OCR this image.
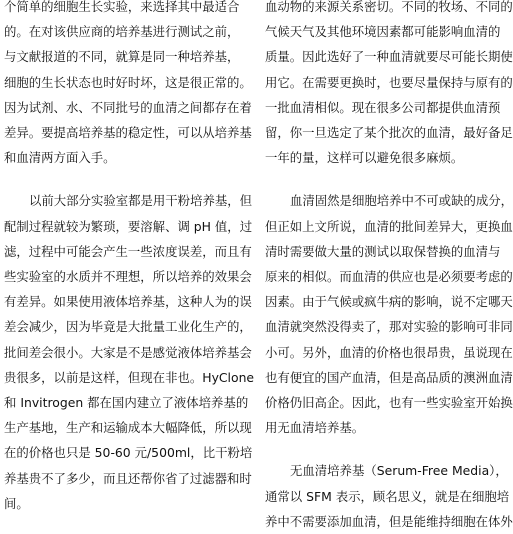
个简单的细胞生长实验，来选择其中最适合
的。在对该供应商的培养基进行测试之前，
与文献报道的不同，就算是同一种培养基，
细胞的生长状态也时好时坏，这是很正常的。
因为试剂、水、不同批号的血清之间都存在着
差异。要提高培养基的稳定性，可以从培养基
和血清两方面入手。

以前大部分实验室都是用干粉培养基，但
配制过程就较为繁琐，要溶解、调 pH 值，过
滤，过程中可能会产生一些浓度误差，而且有
些实验室的水质并不理想，所以培养的效果会
有差异。如果使用液体培养基，这种人为的误
差会减少，因为毕竟是大批量工业化生产的，
批间差会很小。大家是不是感觉液体培养基会
贵很多，以前是这样，但现在非也。HyClone
和 Invitrogen 都在国内建立了液体培养基的
生产基地，生产和运输成本大幅降低，所以现
在的价格也只是 50-60 元/500ml，比干粉培
养基贵不了多少，而且还帮你省了过滤器和时
间。

血动物的来源关系密切。不同的牧场、不同的
气候天气及其他环境因素都可能影响血清的
质量。因此选好了一种血清就要尽可能长期使
用它。在需要更换时，也要尽量保持与原有的
一批血清相似。现在很多公司都提供血清预
留，你一旦选定了某个批次的血清，最好备足
一年的量，这样可以避免很多麻烦。

血清固然是细胞培养中不可或缺的成分，
但正如上文所说，血清的批间差异大，更换血
清时需要做大量的测试以取保替换的血清与
原来的相似。而血清的供应也是必须要考虑的
因素。由于气候或疯牛病的影响，说不定哪天
血清就突然没得卖了，那对实验的影响可非同
小可。另外，血清的价格也很昂贵，虽说现在
也有便宜的国产血清，但是高品质的澳洲血清
价格仍旧高企。因此，也有一些实验室开始换
用无血清培养基。

无血清培养基（Serum-Free Media），
通常以 SFM 表示，顾名思义，就是在细胞培
养中不需要添加血清，但是能维持细胞在体外
